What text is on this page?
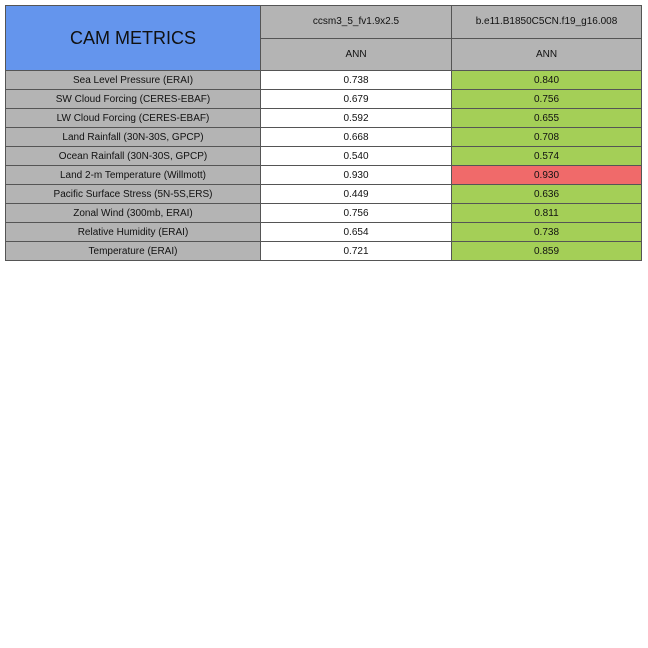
CAM METRICS	ccsm3_5_fv1.9x2.5	b.e11.B1850C5CN.f19_g16.008
	ANN	ANN
Sea Level Pressure (ERAI)	0.738	0.840
SW Cloud Forcing (CERES-EBAF)	0.679	0.756
LW Cloud Forcing (CERES-EBAF)	0.592	0.655
Land Rainfall (30N-30S, GPCP)	0.668	0.708
Ocean Rainfall (30N-30S, GPCP)	0.540	0.574
Land 2-m Temperature (Willmott)	0.930	0.930
Pacific Surface Stress (5N-5S,ERS)	0.449	0.636
Zonal Wind (300mb, ERAI)	0.756	0.811
Relative Humidity (ERAI)	0.654	0.738
Temperature (ERAI)	0.721	0.859
